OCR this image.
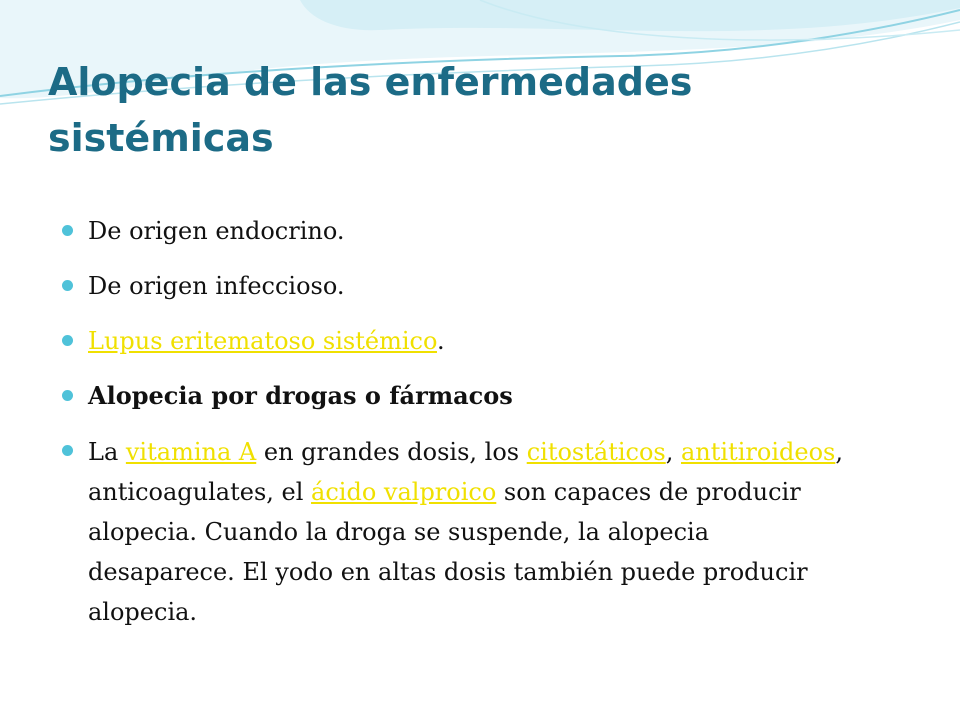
Alopecia de las enfermedades sistémicas
De origen endocrino.
De origen infeccioso.
Lupus eritematoso sistémico.
Alopecia por drogas o fármacos
La vitamina A en grandes dosis, los citostáticos, antitiroideos, anticoagulates, el ácido valproico son capaces de producir alopecia. Cuando la droga se suspende, la alopecia desaparece. El yodo en altas dosis también puede producir alopecia.
